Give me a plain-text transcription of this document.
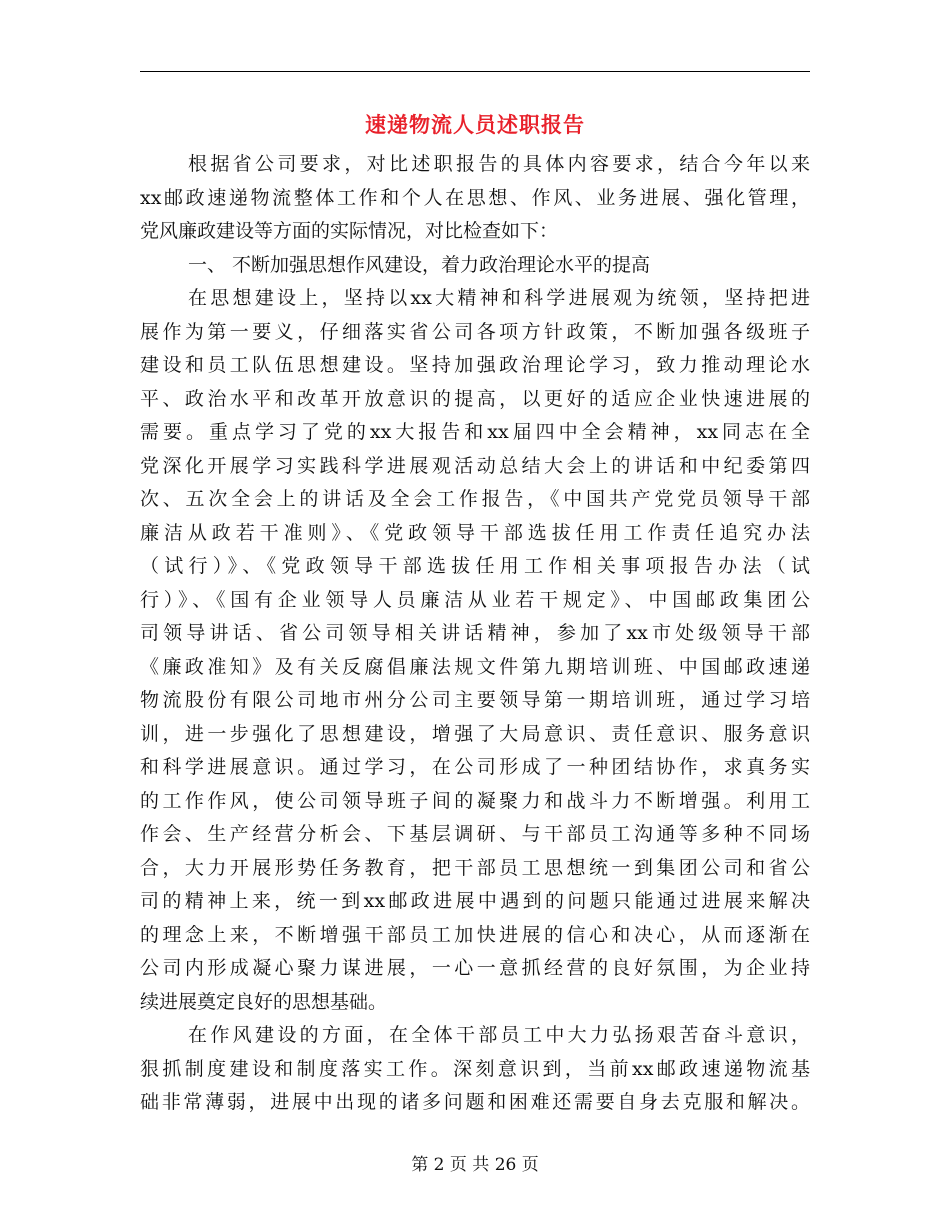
速递物流人员述职报告
根据省公司要求，对比述职报告的具体内容要求，结合今年以来
xx邮政速递物流整体工作和个人在思想、作风、业务进展、强化管理，
党风廉政建设等方面的实际情况，对比检查如下：
一、 不断加强思想作风建设，着力政治理论水平的提高
在思想建设上，坚持以xx大精神和科学进展观为统领，坚持把进
展作为第一要义，仔细落实省公司各项方针政策，不断加强各级班子
建设和员工队伍思想建设。坚持加强政治理论学习，致力推动理论水
平、政治水平和改革开放意识的提高，以更好的适应企业快速进展的
需要。重点学习了党的xx大报告和xx届四中全会精神，xx同志在全
党深化开展学习实践科学进展观活动总结大会上的讲话和中纪委第四
次、五次全会上的讲话及全会工作报告，《中国共产党党员领导干部
廉洁从政若干准则》、《党政领导干部选拔任用工作责任追究办法
（试行）》、《党政领导干部选拔任用工作相关事项报告办法（试
行）》、《国有企业领导人员廉洁从业若干规定》、中国邮政集团公
司领导讲话、省公司领导相关讲话精神，参加了xx市处级领导干部
《廉政准知》及有关反腐倡廉法规文件第九期培训班、中国邮政速递
物流股份有限公司地市州分公司主要领导第一期培训班，通过学习培
训，进一步强化了思想建设，增强了大局意识、责任意识、服务意识
和科学进展意识。通过学习，在公司形成了一种团结协作，求真务实
的工作作风，使公司领导班子间的凝聚力和战斗力不断增强。利用工
作会、生产经营分析会、下基层调研、与干部员工沟通等多种不同场
合，大力开展形势任务教育，把干部员工思想统一到集团公司和省公
司的精神上来，统一到xx邮政进展中遇到的问题只能通过进展来解决
的理念上来，不断增强干部员工加快进展的信心和决心，从而逐渐在
公司内形成凝心聚力谋进展，一心一意抓经营的良好氛围，为企业持
续进展奠定良好的思想基础。
在作风建设的方面，在全体干部员工中大力弘扬艰苦奋斗意识，
狠抓制度建设和制度落实工作。深刻意识到，当前xx邮政速递物流基
础非常薄弱，进展中出现的诸多问题和困难还需要自身去克服和解决。
第 2 页 共 26 页
